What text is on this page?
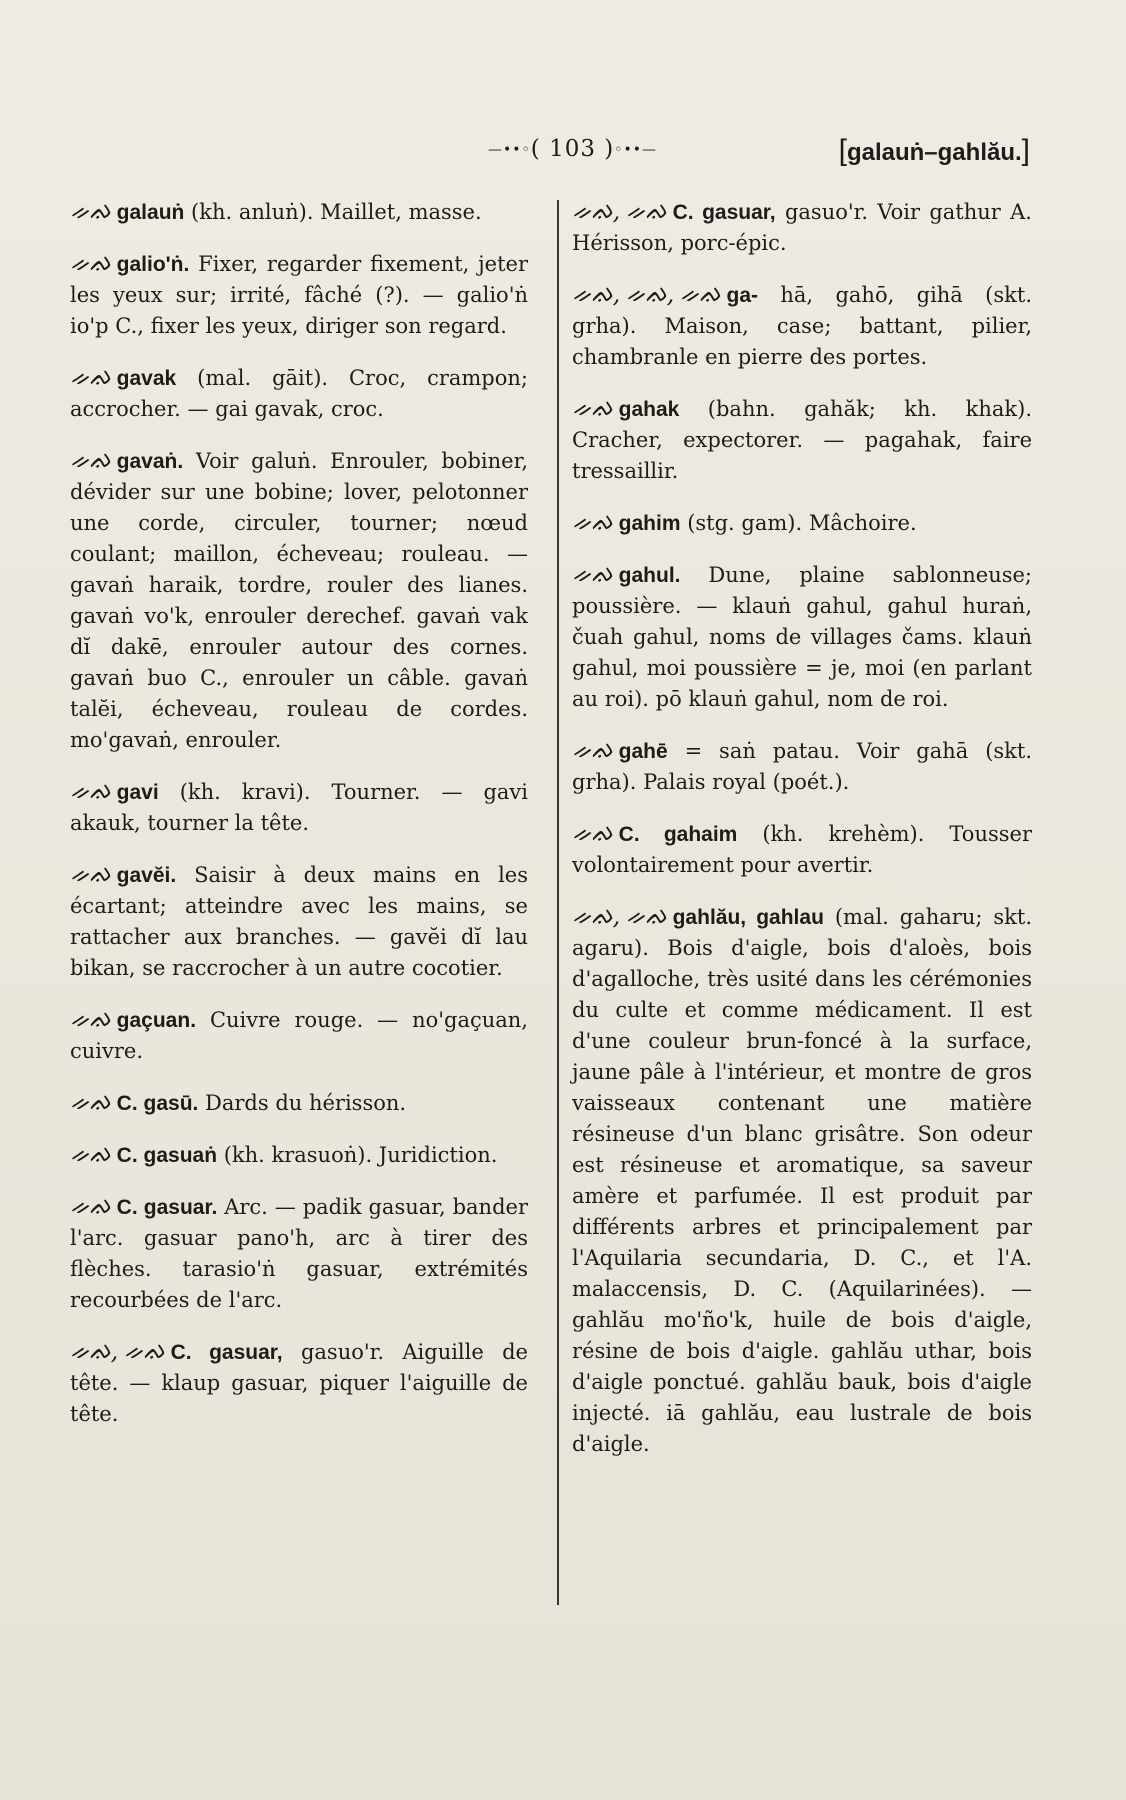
—••◦( 103 )◦••—	[galauṅ–gahlău.]
ᨀᨁ galauṅ (kh. anluṅ). Maillet, masse.
ᨀᨁ galio'ṅ. Fixer, regarder fixement, jeter les yeux sur; irrité, fâché (?). — galio'ṅ io'p C., fixer les yeux, diriger son regard.
ᨀᨁ gavak (mal. gāit). Croc, crampon; accrocher. — gai gavak, croc.
ᨀᨁ gavaṅ. Voir galuṅ. Enrouler, bobiner, dévider sur une bobine; lover, pelotonner une corde, circuler, tourner; nœud coulant; maillon, écheveau; rouleau. — gavaṅ haraik, tordre, rouler des lianes. gavaṅ vo'k, enrouler derechef. gavaṅ vak dĭ dakē, enrouler autour des cornes. gavaṅ buo C., enrouler un câble. gavaṅ talĕi, écheveau, rouleau de cordes. mo'gavaṅ, enrouler.
ᨀᨁ gavi (kh. kravi). Tourner. — gavi akauk, tourner la tête.
ᨀᨁ gavĕi. Saisir à deux mains en les écartant; atteindre avec les mains, se rattacher aux branches. — gavĕi dĭ lau bikan, se raccrocher à un autre cocotier.
ᨀᨁ gaçuan. Cuivre rouge. — no'gaçuan, cuivre.
ᨀᨁ C. gasū. Dards du hérisson.
ᨀᨁ C. gasuaṅ (kh. krasuoṅ). Juridiction.
ᨀᨁ C. gasuar. Arc. — padik gasuar, bander l'arc. gasuar pano'h, arc à tirer des flèches. tarasio'ṅ gasuar, extrémités recourbées de l'arc.
ᨀᨁ, ᨀᨁ C. gasuar, gasuo'r. Aiguille de tête. — klaup gasuar, piquer l'aiguille de tête.
ᨀᨁ, ᨀᨁ C. gasuar, gasuo'r. Voir gathur A. Hérisson, porc-épic.
ᨀᨁ, ᨀᨁ, ᨀᨁ ga- hā, gahō, gihā (skt. grha). Maison, case; battant, pilier, chambranle en pierre des portes.
ᨀᨁ gahak (bahn. gahăk; kh. khak). Cracher, expectorer. — pagahak, faire tressaillir.
ᨀᨁ gahim (stg. gam). Mâchoire.
ᨀᨁ gahul. Dune, plaine sablonneuse; poussière. — klauṅ gahul, gahul huraṅ, čuah gahul, noms de villages čams. klauṅ gahul, moi poussière = je, moi (en parlant au roi). pō klauṅ gahul, nom de roi.
ᨀᨁ gahē = saṅ patau. Voir gahā (skt. grha). Palais royal (poét.).
ᨀᨁ C. gahaim (kh. krehèm). Tousser volontairement pour avertir.
ᨀᨁ, ᨀᨁ gahlău, gahlau (mal. gaharu; skt. agaru). Bois d'aigle, bois d'aloès, bois d'agalloche, très usité dans les cérémonies du culte et comme médicament. Il est d'une couleur brun-foncé à la surface, jaune pâle à l'intérieur, et montre de gros vaisseaux contenant une matière résineuse d'un blanc grisâtre. Son odeur est résineuse et aromatique, sa saveur amère et parfumée. Il est produit par différents arbres et principalement par l'Aquilaria secundaria, D. C., et l'A. malaccensis, D. C. (Aquilarinées). — gahlău mo'ño'k, huile de bois d'aigle, résine de bois d'aigle. gahlău uthar, bois d'aigle ponctué. gahlău bauk, bois d'aigle injecté. iā gahlău, eau lustrale de bois d'aigle.
